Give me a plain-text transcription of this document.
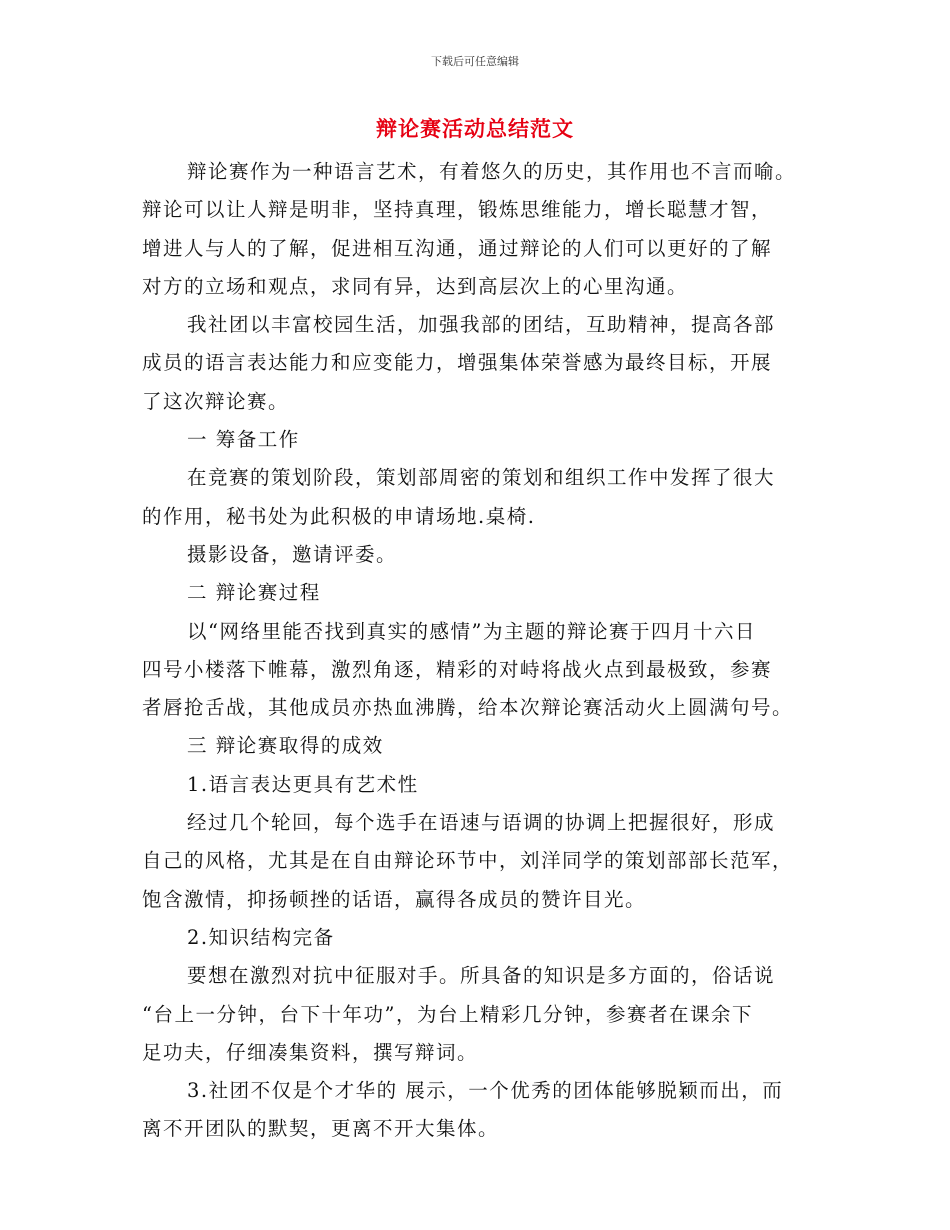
下载后可任意编辑
辩论赛活动总结范文
辩论赛作为一种语言艺术，有着悠久的历史，其作用也不言而喻。
辩论可以让人辩是明非，坚持真理，锻炼思维能力，增长聪慧才智，
增进人与人的了解，促进相互沟通，通过辩论的人们可以更好的了解
对方的立场和观点，求同有异，达到高层次上的心里沟通。
我社团以丰富校园生活，加强我部的团结，互助精神，提高各部
成员的语言表达能力和应变能力，增强集体荣誉感为最终目标，开展
了这次辩论赛。
一 筹备工作
在竞赛的策划阶段，策划部周密的策划和组织工作中发挥了很大
的作用，秘书处为此积极的申请场地.桌椅.
摄影设备，邀请评委。
二 辩论赛过程
以“网络里能否找到真实的感情”为主题的辩论赛于四月十六日
四号小楼落下帷幕，激烈角逐，精彩的对峙将战火点到最极致，参赛
者唇抢舌战，其他成员亦热血沸腾，给本次辩论赛活动火上圆满句号。
三 辩论赛取得的成效
1.语言表达更具有艺术性
经过几个轮回，每个选手在语速与语调的协调上把握很好，形成
自己的风格，尤其是在自由辩论环节中，刘洋同学的策划部部长范军，
饱含激情，抑扬顿挫的话语，赢得各成员的赞许目光。
2.知识结构完备
要想在激烈对抗中征服对手。所具备的知识是多方面的，俗话说
“台上一分钟，台下十年功”，为台上精彩几分钟，参赛者在课余下
足功夫，仔细凑集资料，撰写辩词。
3.社团不仅是个才华的 展示，一个优秀的团体能够脱颖而出，而
离不开团队的默契，更离不开大集体。
